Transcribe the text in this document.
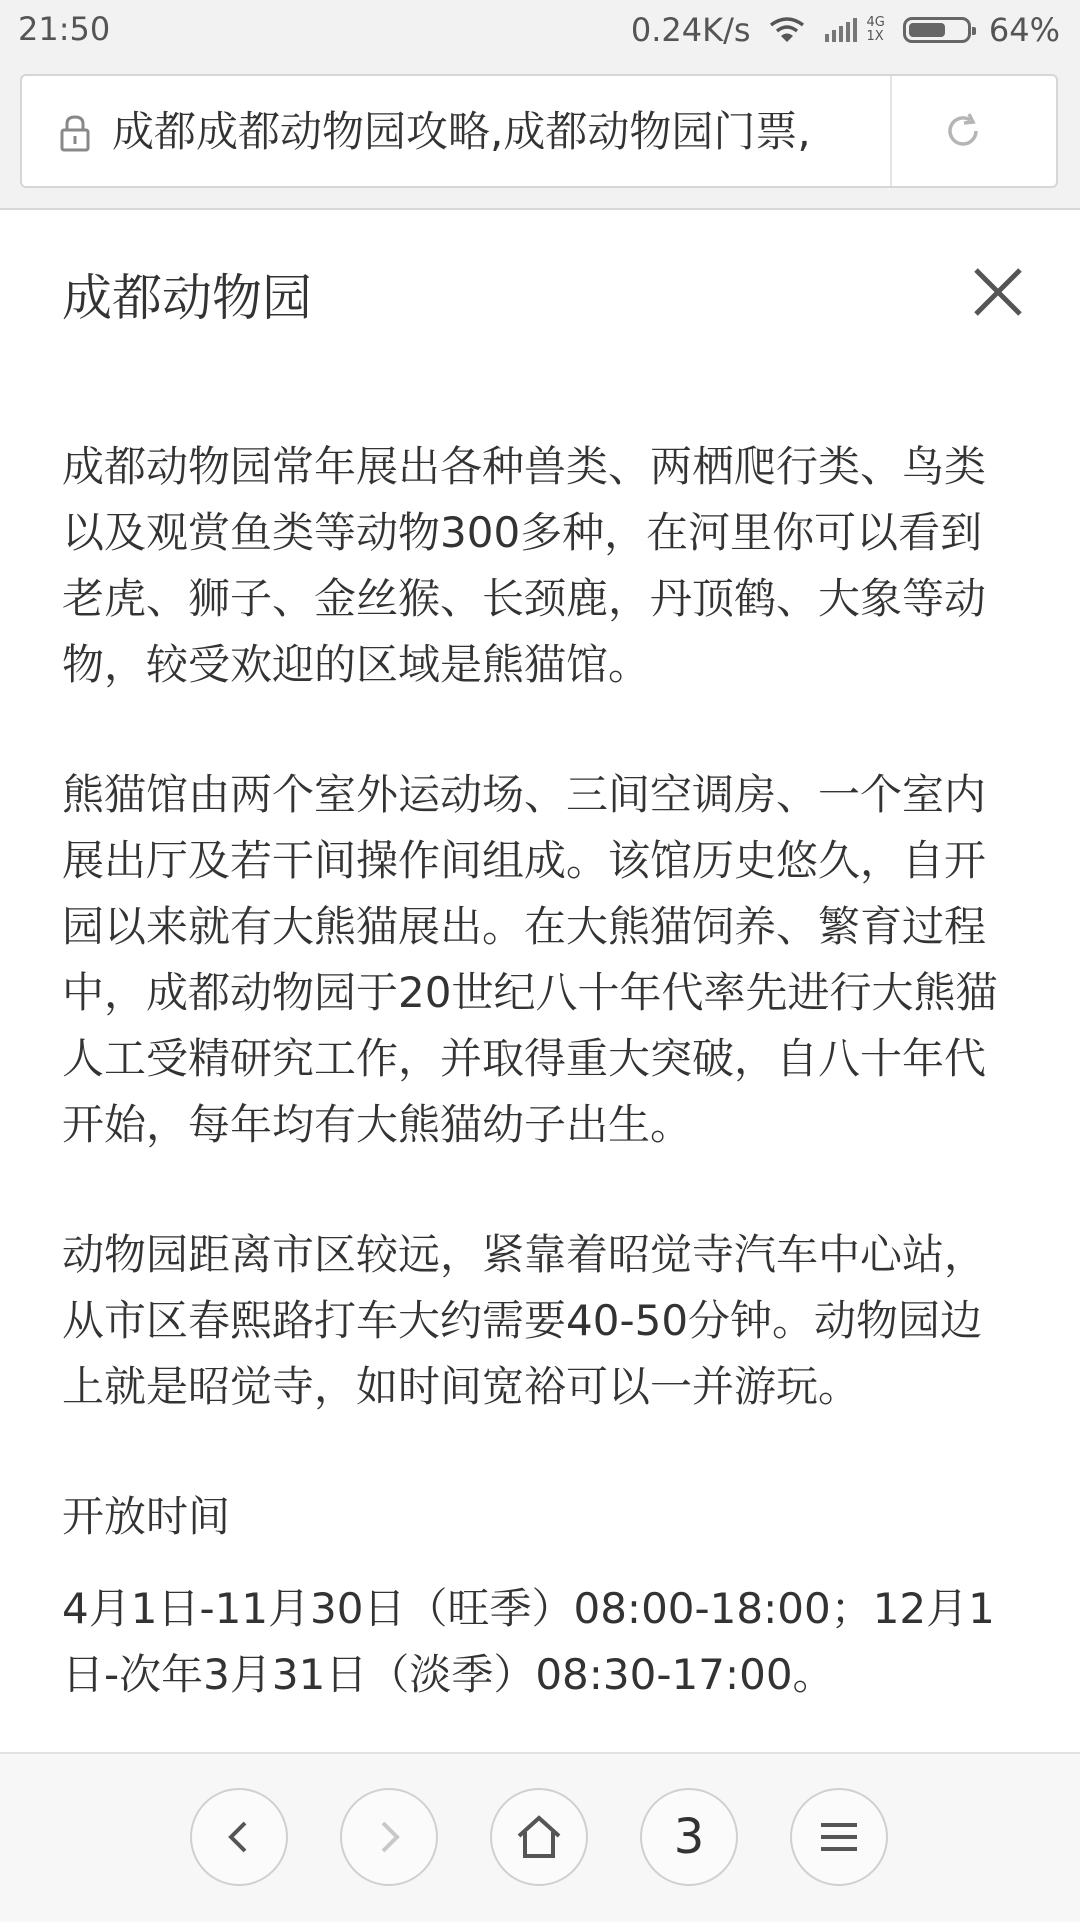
21:50	0.24K/s	4G
1X	64%
成都成都动物园攻略,成都动物园门票,
成都动物园

成都动物园常年展出各种兽类、两栖爬行类、鸟类以及观赏鱼类等动物300多种，在河里你可以看到老虎、狮子、金丝猴、长颈鹿，丹顶鹤、大象等动物，较受欢迎的区域是熊猫馆。

熊猫馆由两个室外运动场、三间空调房、一个室内展出厅及若干间操作间组成。该馆历史悠久，自开园以来就有大熊猫展出。在大熊猫饲养、繁育过程中，成都动物园于20世纪八十年代率先进行大熊猫人工受精研究工作，并取得重大突破，自八十年代开始，每年均有大熊猫幼子出生。

动物园距离市区较远，紧靠着昭觉寺汽车中心站，从市区春熙路打车大约需要40-50分钟。动物园边上就是昭觉寺，如时间宽裕可以一并游玩。

开放时间

4月1日-11月30日（旺季）08:00-18:00；12月1日-次年3月31日（淡季）08:30-17:00。

3
